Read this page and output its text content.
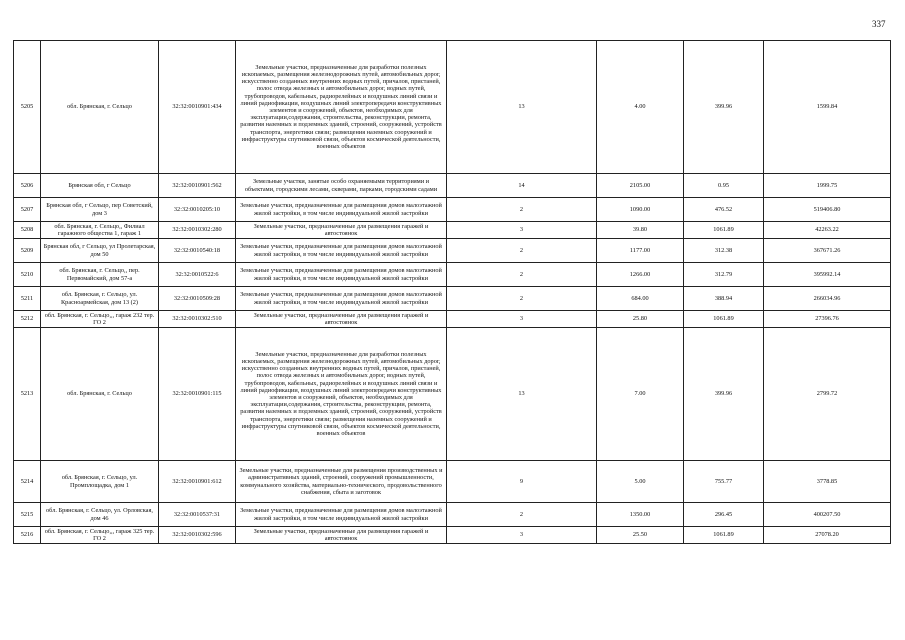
337
5205	обл. Брянская, г. Сельцо	32:32:0010901:434	Земельные участки, предназначенные для разработки полезных ископаемых, размещения железнодорожных путей, автомобильных дорог, искусственно созданных внутренних водных путей, причалов, пристаней, полос отвода железных и автомобильных дорог, водных путей, трубопроводов, кабельных, радиорелейных и воздушных линий связи и линий радиофикации, воздушных линий электропередачи конструктивных элементов и сооружений, объектов, необходимых для эксплуатации,содержания, строительства, реконструкции, ремонта, развития наземных и подземных зданий, строений, сооружений, устройств транспорта, энергетики связи; размещения наземных сооружений и инфраструктуры спутниковой связи, объектов космической деятельности, военных объектов	13	4.00	399.96	1599.84
5206	Брянская обл, г Сельцо	32:32:0010901:562	Земельные участки, занятые особо охраняемыми территориями и объектами, городскими лесами, скверами, парками, городскими садами	14	2105.00	0.95	1999.75
5207	Брянская обл, г Сельцо, пер Советский, дом 3	32:32:0010205:10	Земельные участки, предназначенные для размещения домов малоэтажной жилой застройки, в том числе индивидуальной жилой застройки	2	1090.00	476.52	519406.80
5208	обл. Брянская, г. Сельцо,, Филиал гаражного общества 1, гараж 1	32:32:0010302:280	Земельные участки, предназначенные для размещения гаражей и автостоянок	3	39.80	1061.89	42263.22
5209	Брянская обл, г Сельцо, ул Пролетарская, дом 50	32:32:0010540:18	Земельные участки, предназначенные для размещения домов малоэтажной жилой застройки, в том числе индивидуальной жилой застройки	2	1177.00	312.38	367671.26
5210	обл. Брянская, г. Сельцо,, пер. Первомайский, дом 57-а	32:32:0010522:6	Земельные участки, предназначенные для размещения домов малоэтажной жилой застройки, в том числе индивидуальной жилой застройки	2	1266.00	312.79	395992.14
5211	обл. Брянская, г. Сельцо, ул. Красноармейская, дом 13 (2)	32:32:0010509:28	Земельные участки, предназначенные для размещения домов малоэтажной жилой застройки, в том числе индивидуальной жилой застройки	2	684.00	388.94	266034.96
5212	обл. Брянская, г. Сельцо,,, гараж 232 тер. ГО 2	32:32:0010302:510	Земельные участки, предназначенные для размещения гаражей и автостоянок	3	25.80	1061.89	27396.76
5213	обл. Брянская, г. Сельцо	32:32:0010901:115	Земельные участки, предназначенные для разработки полезных ископаемых, размещения железнодорожных путей, автомобильных дорог, искусственно созданных внутренних водных путей, причалов, пристаней, полос отвода железных и автомобильных дорог, водных путей, трубопроводов, кабельных, радиорелейных и воздушных линий связи и линий радиофикации, воздушных линий электропередачи конструктивных элементов и сооружений, объектов, необходимых для эксплуатации,содержания, строительства, реконструкции, ремонта, развития наземных и подземных зданий, строений, сооружений, устройств транспорта, энергетики связи; размещения наземных сооружений и инфраструктуры спутниковой связи, объектов космической деятельности, военных объектов	13	7.00	399.96	2799.72
5214	обл. Брянская, г. Сельцо, ул. Промплощадка, дом 1	32:32:0010901:612	Земельные участки, предназначенные для размещения производственных и административных зданий, строений, сооружений промышленности, коммунального хозяйства, материально-технического, продовольственного снабжения, сбыта и заготовок	9	5.00	755.77	3778.85
5215	обл. Брянская, г. Сельцо, ул. Орловская, дом 46	32:32:0010537:31	Земельные участки, предназначенные для размещения домов малоэтажной жилой застройки, в том числе индивидуальной жилой застройки	2	1350.00	296.45	400207.50
5216	обл. Брянская, г. Сельцо,,, гараж 325 тер. ГО 2	32:32:0010302:596	Земельные участки, предназначенные для размещения гаражей и автостоянок	3	25.50	1061.89	27078.20
